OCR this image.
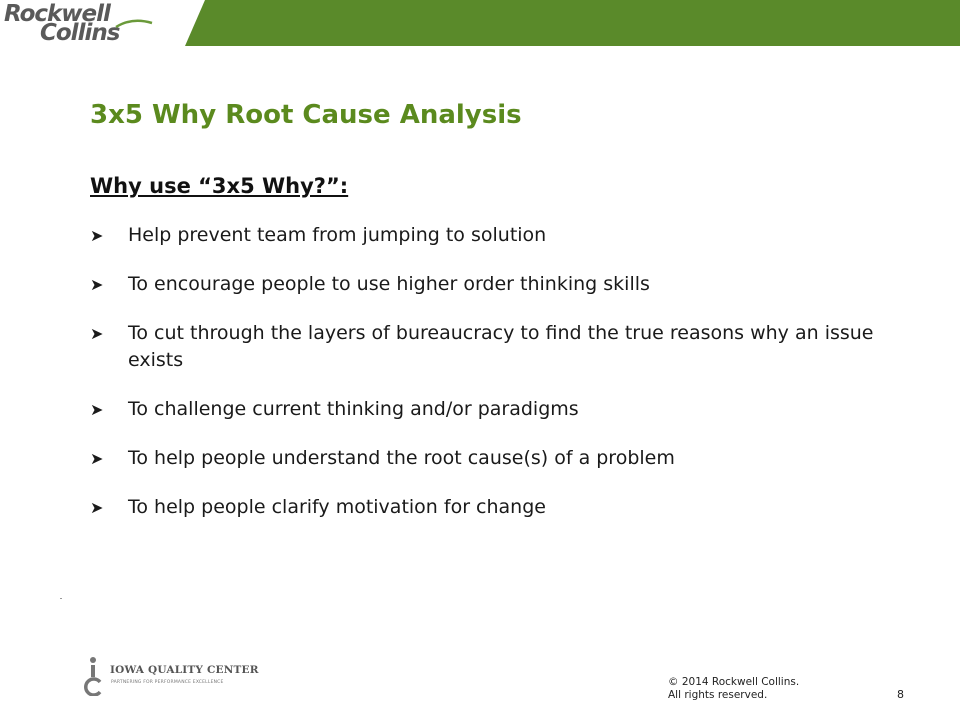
Rockwell
Collins
3x5 Why Root Cause Analysis
Why use “3x5 Why?”:
➤	Help prevent team from jumping to solution
➤	To encourage people to use higher order thinking skills
➤	To cut through the layers of bureaucracy to find the true reasons why an issue exists
➤	To challenge current thinking and/or paradigms
➤	To help people understand the root cause(s) of a problem
➤	To help people clarify motivation for change
IOWA QUALITY CENTER
PARTNERING FOR PERFORMANCE EXCELLENCE	© 2014 Rockwell Collins.
All rights reserved.	8
